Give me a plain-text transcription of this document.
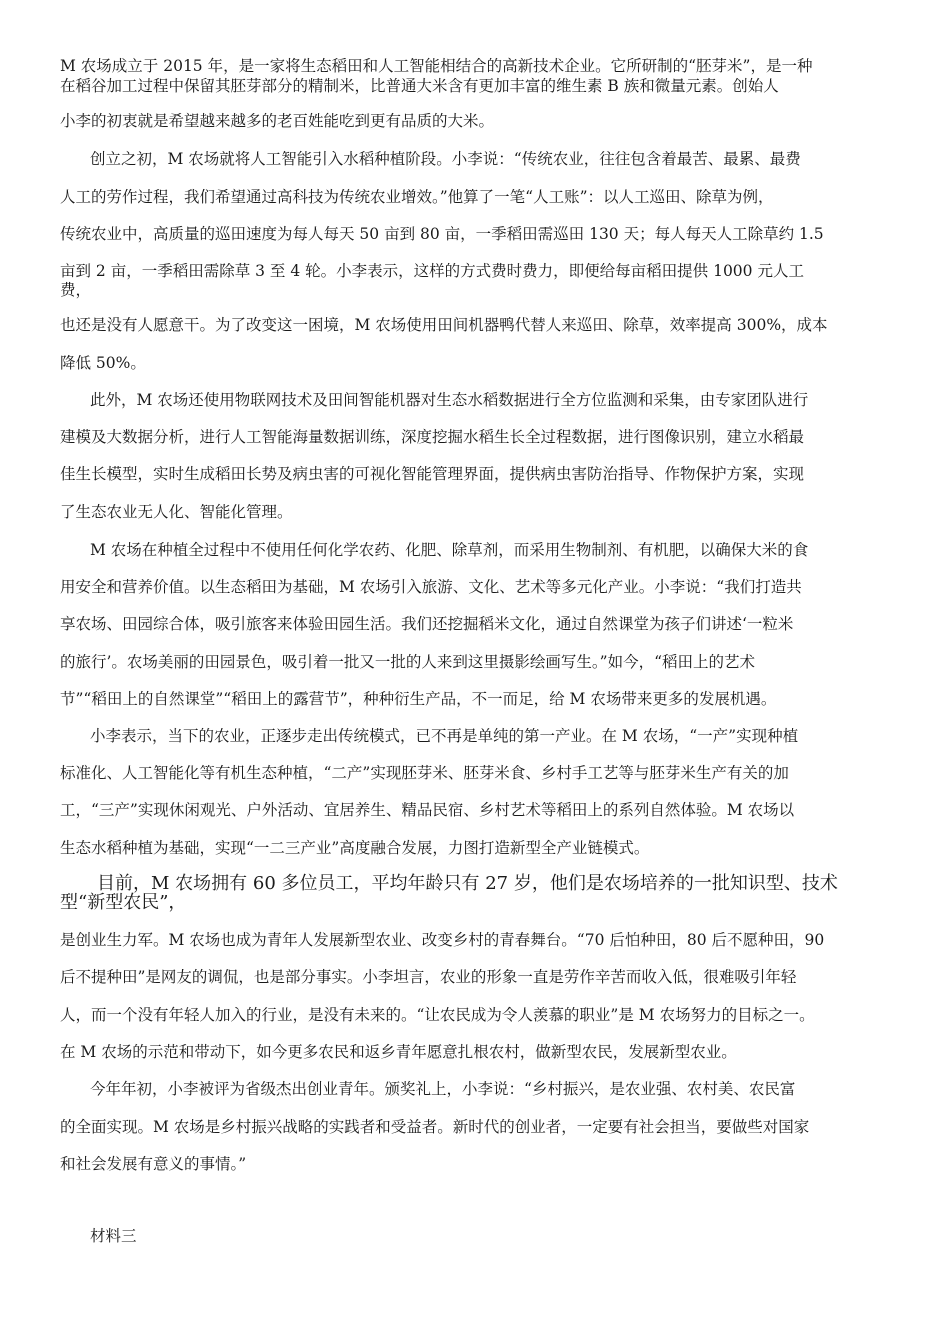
M 农场成立于 2015 年，是一家将生态稻田和人工智能相结合的高新技术企业。它所研制的“胚芽米”，是一种
在稻谷加工过程中保留其胚芽部分的精制米，比普通大米含有更加丰富的维生素 B 族和微量元素。创始人
小李的初衷就是希望越来越多的老百姓能吃到更有品质的大米。
创立之初，M 农场就将人工智能引入水稻种植阶段。小李说：“传统农业，往往包含着最苦、最累、最费
人工的劳作过程，我们希望通过高科技为传统农业增效。”他算了一笔“人工账”：以人工巡田、除草为例，
传统农业中，高质量的巡田速度为每人每天 50 亩到 80 亩，一季稻田需巡田 130 天；每人每天人工除草约 1.5
亩到 2 亩，一季稻田需除草 3 至 4 轮。小李表示，这样的方式费时费力，即便给每亩稻田提供 1000 元人工
费，
也还是没有人愿意干。为了改变这一困境，M 农场使用田间机器鸭代替人来巡田、除草，效率提高 300%，成本
降低 50%。
此外，M 农场还使用物联网技术及田间智能机器对生态水稻数据进行全方位监测和采集，由专家团队进行
建模及大数据分析，进行人工智能海量数据训练，深度挖掘水稻生长全过程数据，进行图像识别，建立水稻最
佳生长模型，实时生成稻田长势及病虫害的可视化智能管理界面，提供病虫害防治指导、作物保护方案，实现
了生态农业无人化、智能化管理。
M 农场在种植全过程中不使用任何化学农药、化肥、除草剂，而采用生物制剂、有机肥，以确保大米的食
用安全和营养价值。以生态稻田为基础，M 农场引入旅游、文化、艺术等多元化产业。小李说：“我们打造共
享农场、田园综合体，吸引旅客来体验田园生活。我们还挖掘稻米文化，通过自然课堂为孩子们讲述‘一粒米
的旅行’。农场美丽的田园景色，吸引着一批又一批的人来到这里摄影绘画写生。”如今，“稻田上的艺术
节”“稻田上的自然课堂”“稻田上的露营节”，种种衍生产品，不一而足，给 M 农场带来更多的发展机遇。
小李表示，当下的农业，正逐步走出传统模式，已不再是单纯的第一产业。在 M 农场，“一产”实现种植
标准化、人工智能化等有机生态种植，“二产”实现胚芽米、胚芽米食、乡村手工艺等与胚芽米生产有关的加
工，“三产”实现休闲观光、户外活动、宜居养生、精品民宿、乡村艺术等稻田上的系列自然体验。M 农场以
生态水稻种植为基础，实现“一二三产业”高度融合发展，力图打造新型全产业链模式。
目前，M 农场拥有 60 多位员工，平均年龄只有 27 岁，他们是农场培养的一批知识型、技术
型“新型农民”，
是创业生力军。M 农场也成为青年人发展新型农业、改变乡村的青春舞台。“70 后怕种田，80 后不愿种田，90
后不提种田”是网友的调侃，也是部分事实。小李坦言，农业的形象一直是劳作辛苦而收入低，很难吸引年轻
人，而一个没有年轻人加入的行业，是没有未来的。“让农民成为令人羡慕的职业”是 M 农场努力的目标之一。
在 M 农场的示范和带动下，如今更多农民和返乡青年愿意扎根农村，做新型农民，发展新型农业。
今年年初，小李被评为省级杰出创业青年。颁奖礼上，小李说：“乡村振兴，是农业强、农村美、农民富
的全面实现。M 农场是乡村振兴战略的实践者和受益者。新时代的创业者，一定要有社会担当，要做些对国家
和社会发展有意义的事情。”
材料三
